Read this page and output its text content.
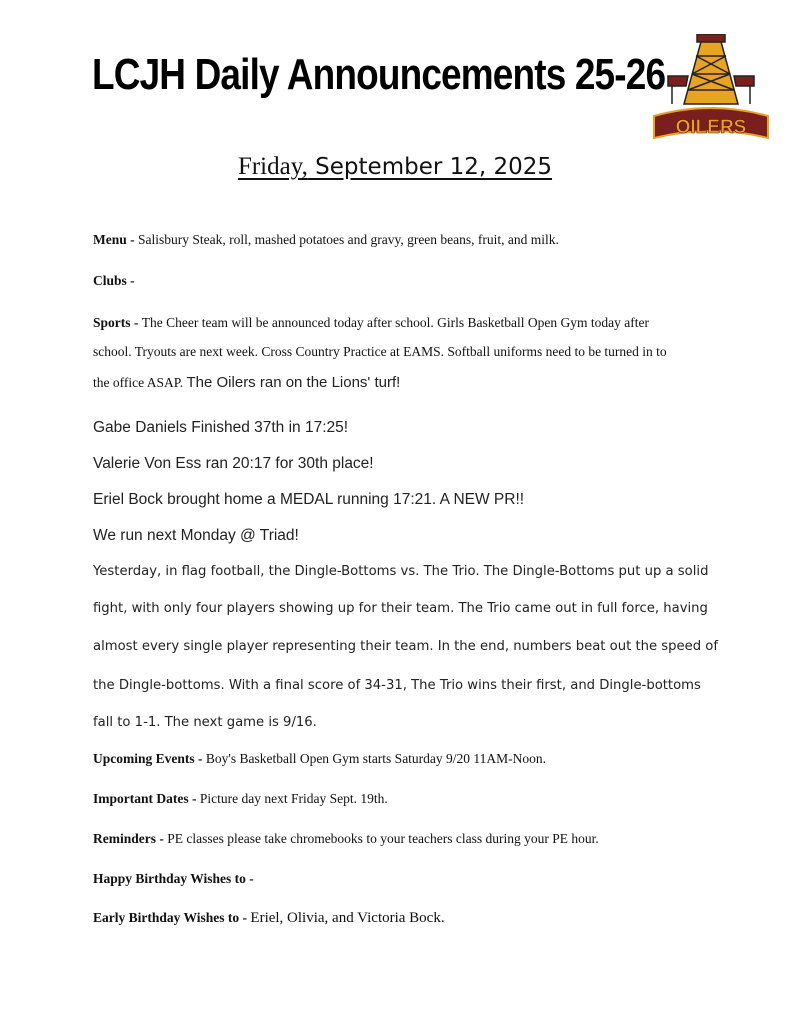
LCJH Daily Announcements 25-26
OILERS
Friday, September 12, 2025
Menu - Salisbury Steak, roll, mashed potatoes and gravy, green beans, fruit, and milk.
Clubs -
Sports - The Cheer team will be announced today after school. Girls Basketball Open Gym today after
school. Tryouts are next week. Cross Country Practice at EAMS. Softball uniforms need to be turned in to
the office ASAP. The Oilers ran on the Lions' turf!
Gabe Daniels Finished 37th in 17:25!
Valerie Von Ess ran 20:17 for 30th place!
Eriel Bock brought home a MEDAL running 17:21. A NEW PR!!
We run next Monday @ Triad!
Yesterday, in flag football, the Dingle-Bottoms vs. The Trio. The Dingle-Bottoms put up a solid
fight, with only four players showing up for their team. The Trio came out in full force, having
almost every single player representing their team. In the end, numbers beat out the speed of
the Dingle-bottoms. With a final score of 34-31, The Trio wins their first, and Dingle-bottoms
fall to 1-1. The next game is 9/16.
Upcoming Events - Boy's Basketball Open Gym starts Saturday 9/20 11AM-Noon.
Important Dates - Picture day next Friday Sept. 19th.
Reminders - PE classes please take chromebooks to your teachers class during your PE hour.
Happy Birthday Wishes to -
Early Birthday Wishes to - Eriel, Olivia, and Victoria Bock.
